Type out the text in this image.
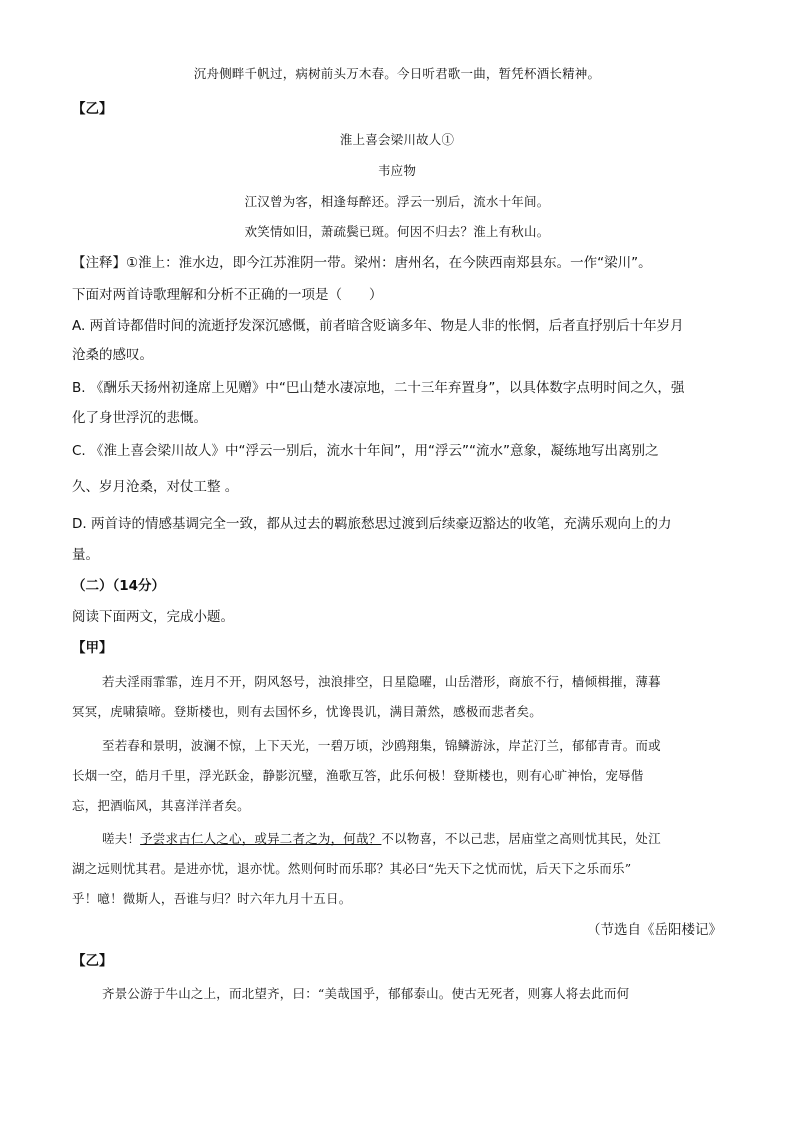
沉舟侧畔千帆过，病树前头万木春。今日听君歌一曲，暂凭杯酒长精神。
【乙】
淮上喜会梁川故人①
韦应物
江汉曾为客，相逢每醉还。浮云一别后，流水十年间。
欢笑情如旧，萧疏鬓已斑。何因不归去？淮上有秋山。
【注释】①淮上：淮水边，即今江苏淮阴一带。梁州：唐州名，在今陕西南郑县东。一作“梁川”。
下面对两首诗歌理解和分析不正确的一项是（　　）
A. 两首诗都借时间的流逝抒发深沉感慨，前者暗含贬谪多年、物是人非的怅惘，后者直抒别后十年岁月
沧桑的感叹。
B. 《酬乐天扬州初逢席上见赠》中“巴山楚水凄凉地，二十三年弃置身”，以具体数字点明时间之久，强
化了身世浮沉的悲慨。
C. 《淮上喜会梁川故人》中“浮云一别后，流水十年间”，用“浮云”“流水”意象，凝练地写出离别之
久、岁月沧桑，对仗工整 。
D. 两首诗的情感基调完全一致，都从过去的羁旅愁思过渡到后续豪迈豁达的收笔，充满乐观向上的力
量。
（二）（14分）
阅读下面两文，完成小题。
【甲】
若夫淫雨霏霏，连月不开，阴风怒号，浊浪排空，日星隐曜，山岳潜形，商旅不行，樯倾楫摧，薄暮
冥冥，虎啸猿啼。登斯楼也，则有去国怀乡，忧谗畏讥，满目萧然，感极而悲者矣。
至若春和景明，波澜不惊，上下天光，一碧万顷，沙鸥翔集，锦鳞游泳，岸芷汀兰，郁郁青青。而或
长烟一空，皓月千里，浮光跃金，静影沉璧，渔歌互答，此乐何极！登斯楼也，则有心旷神怡，宠辱偕
忘，把酒临风，其喜洋洋者矣。
嗟夫！予尝求古仁人之心，或异二者之为，何哉？不以物喜，不以己悲，居庙堂之高则忧其民，处江
湖之远则忧其君。是进亦忧，退亦忧。然则何时而乐耶？其必曰“先天下之忧而忧，后天下之乐而乐”
乎！噫！微斯人，吾谁与归？时六年九月十五日。
（节选自《岳阳楼记》
【乙】
齐景公游于牛山之上，而北望齐，曰：“美哉国乎，郁郁泰山。使古无死者，则寡人将去此而何
